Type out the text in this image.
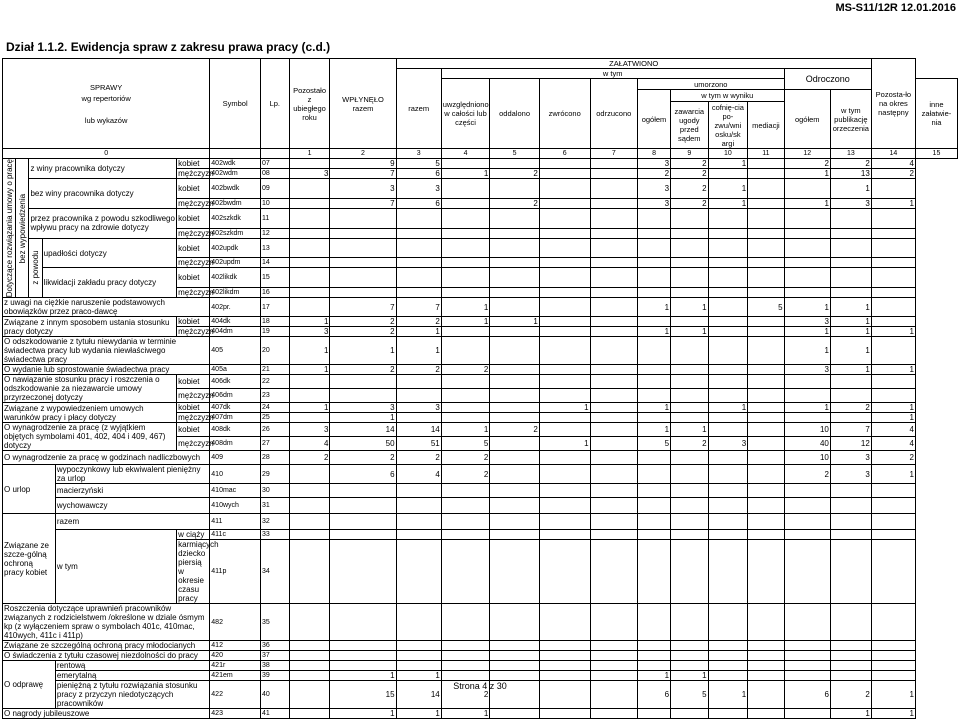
MS-S11/12R 12.01.2016
Dział 1.1.2. Ewidencja spraw z zakresu prawa pracy (c.d.)
SPRAWY
wg repertoriów

lub wykazów						Symbol	Lp.	Pozostało z ubiegłego roku	WPŁYNĘŁO razem	ZAŁATWIONO											Pozosta-ło na okres następny	
										razem	w tym								Odroczono			
											uwzględniono w całości lub części	oddalono	zwrócono	odrzucono	umorzono							inne załatwie-nia
															ogółem	w tym w wyniku			ogółem	w tym publikację orzeczenia		
																zawarcia ugody przed sądem	cofnię-cia po-zwu/wni osku/sk argi	mediacji				
0								1	2	3	4	5	6	7	8	9	10	11	12	13	14	15
Dotyczące rozwiązania umowy o pracę	bez wypowiedzenia	z winy pracownika dotyczy			kobiet	402wdk	07		9	5					3	2	1		2	2	4	
					mężczyzn	402wdm	08	3	7	6	1	2			2	2			1	13	2	
		bez winy pracownika dotyczy			kobiet	402bwdk	09		3	3					3	2	1			1		
					mężczyzn	402bwdm	10		7	6		2			3	2	1		1	3	1	
		przez pracownika z powodu szkodliwego wpływu pracy na zdrowie dotyczy			kobiet	402szkdk	11															
					mężczyzn	402szkdm	12															
		z powodu	upadłości dotyczy		kobiet	402updk	13															
					mężczyzn	402updm	14															
			likwidacji zakładu pracy dotyczy		kobiet	402likdk	15															
					mężczyzn	402likdm	16															
z uwagi na ciężkie naruszenie podstawowych obowiązków przez praco-dawcę						402pr.	17		7	7	1				1	1		5	1	1		
Związane z innym sposobem ustania stosunku pracy dotyczy					kobiet	404dk	18	1	2	2	1	1							3	1		
					mężczyzn	404dm	19	3	2	1					1	1			1	1	1	
O odszkodowanie z tytułu niewydania w terminie świadectwa pracy lub wydania niewłaściwego świadectwa pracy						405	20	1	1	1									1	1		
O wydanie lub sprostowanie świadectwa pracy						405a	21	1	2	2	2								3	1	1	
O nawiązanie stosunku pracy i roszczenia o odszkodowanie za niezawarcie umowy przyrzeczonej dotyczy					kobiet	406dk	22															
					mężczyzn	406dm	23															
Związane z wypowiedzeniem umowych warunków pracy i płacy dotyczy					kobiet	407dk	24	1	3	3			1		1		1		1	2	1	
					mężczyzn	407dm	25		1												1	
O wynagrodzenie za pracę (z wyjątkiem objętych symbolami 401, 402, 404 i 409, 467) dotyczy					kobiet	408dk	26	3	14	14	1	2			1	1			10	7	4	
					mężczyzn	408dm	27	4	50	51	5		1		5	2	3		40	12	4	
O wynagrodzenie za pracę w godzinach nadliczbowych						409	28	2	2	2	2								10	3	2	
O urlop				wypoczynkowy lub ekwiwalent pieniężny za urlop		410	29		6	4	2								2	3	1	
				macierzyński		410mac	30															
				wychowawczy		410wych	31															
Związane ze szcze-gólną ochroną pracy kobiet				razem		411	32															
				w tym	w ciąży	411c	33															
					karmiących dziecko piersią w okresie czasu pracy	411p	34															
Roszczenia dotyczące uprawnień pracowników związanych z rodzicielstwem /określone w dziale ósmym kp (z wyłączeniem spraw o symbolach 401c, 410mac, 410wych, 411c i 411p)						482	35															
Związane ze szczególną ochroną pracy młodocianych						412	36															
O świadczenia z tytułu czasowej niezdolności do pracy						420	37															
O odprawę				rentową		421r	38															
				emerytalną		421em	39		1	1					1	1						
				pieniężną z tytułu rozwiązania stosunku pracy z przyczyn niedotyczących pracowników		422	40		15	14	2				6	5	1		6	2	1	
O nagrody jubileuszowe						423	41		1	1	1									1	1	
Strona 4 z 30
